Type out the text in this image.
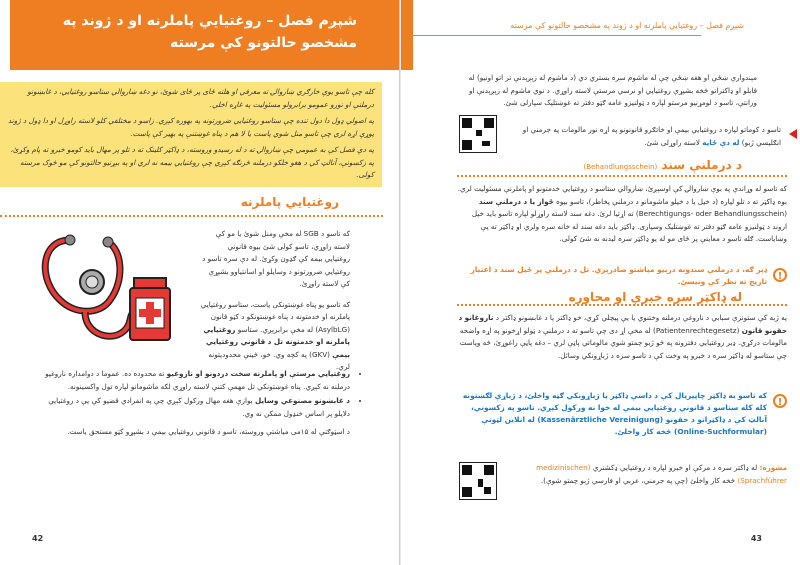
شپږم فصل – روغتیایي پاملرنه او د ژوند په مشخصو حالتونو کې مرسته

کله چې تاسو یوې خارګري ښاروالۍ ته معرفي او هلته ځای پر ځای شوئ، نو دغه ښاروالي ستاسو روغتیایي، د غابښونو درملنې او نورو عمومو برابرولو مسئولیت په غاړه اخلي.

په اصولي ډول دا دول تنده چې ستاسو روغتیایي ضرورتونه په بهوره کېږي. زاسو د مختلفي کلو لاسته راوړل او دا ډول د ژوند پوړې اړه لري چې تاسو منل شوي پاست يا لا هم د پناه غوښتنې په بهير کې پاست.

په دې فصل کې به عمومي چې ښاروالۍ ته د له رسيدو وروسته، د ډاکټر کلينک ته د تلو پر مهال بايد کومو خبرو ته پام وکړئ، په زکسونې، آنالټ کي د هغو خلکو درملنه څرنګه کېږي چې روغتیایي بیمه نه لري او په بېړنيو حالتونو کې مو څوک مرسته کولی.

روغتیایي پاملرنه
که تاسو د SGB له مخې ومنل شوئ يا مو کې لاسته راوړي، تاسو کولی شئ بیوه قانوني روغتیایي بیمه کې ګډون وکړئ. له دې سره تاسو د روغتیایي ضرورتونو د وسایلو او اسانتیاوو بشپړې کې لاسته راوړئ.
که تاسو یو پناه غوښتونکی یاست، ستاسو روغتیایي پاملرنه او خدمتونه د پناه غوښتونکو د کټو قانون (AsylbLG) له مخې برابرېږي. ستاسو روغتیایي پاملرنه او خدمتونه تل د قانوني روغتیایي بیمې (GKV) په کچه وي. خو، څینې محدودیتونه لري.
• روغتیایي مرستې او پاملرنه سخت دردونو او ناروغیو ته محدوده ده. عموما د دوامداره ناروغیو درملنه نه کېږي. پناه غوښتونکي تل مهمې کتنې لاسته راوړي لکه ماشومانو لپاره تول واکسینونه.
• د غابښونو مصنوعي وسایل بوازې هغه مهال ورکول کېږي چې په انفرادي قضیو کې یې د روغتیایي دلایلو پر اساس خنډول ممکن نه وي.
د اسټوګنې له ۱۵می میاشتې وروسته، تاسو د قانوني روغتیایي بیمې د بشپړو کټو مستحق یاست.
42
شپږم فصل – روغتیایي پاملرنه او د ژوند په مشخصو حالتونو کې مرسته
مېندوارې ښځې او هغه ښځې چې له ماشوم سره بستري دي (د ماشوم له زېږېدنې تر اتو اونیو) له قابلو او ډاکترانو څخه بشپړې روغتیایي او نرسي مرستې لاسته راوړي. د نوي ماشوم له زېږېدنې او ورانتې، تاسو د لومړنیو مرستو لپاره د ټولنیزو عامه ګټو دفتر ته غوښتلیک سپارلی شئ.
تاسو د کوماتو لپاره د روغتیایي بیمې او خاتګرو قانونونو په اړه نور مالومات په جرمني او انګلیسي ژبو) له دې ځایه لاسته راوړلی شئ.
د درملنې سند (Behandlungsschein)
که تاسو له وړاندې په بوې ښاروالۍ کې اوسېږئ، ښاروالي ستاسو د روغتیایي خدمتونو او پاملرنې مسئولیت لري. بوه ډاکټر ته د تلو لپاره (د خیل یا د خپلو ماشومانو د درملنې پخاطر)، تاسو بیوه ځواز یا د درملنې سند (Berechtigungs- oder Behandlungsschein) ته اړتیا لرئ. دغه سند لاسته راوړلو لپاره تاسو باید خیل اروند د ټولنیزو عامه ګټو دفتر ته غوښتلیک وسپاری. ډاکټر باید دغه سند له خانه سره ولري او ډاکټر ته یې وښایاست. ګله تاسو د معاینې پر ځای مو له یو ډاکټر سره لیدنه نه شئ کولی.
!
ډېر ګه، د درملنې سندونه درېیو میاشتو صادرېږي. تل د درملنې پر ځیل سند د اعتبار تاریخ ته نظر کې ونیسئ.
له ډاکټر سره خبرې او محاوره
په ژبه کې ستونزې سبابي د ناروغي درملنه وختنوي یا یې پیچلي کړي، خو ډاکتر یا د غابښونو ډاکتر د ناروغانو د حقونو قانون (Patientenrechtegesetz) له مخې اړ دی چې تاسو ته د درملنې د ټولو اړخونو په اړه واضحه مالومات درکړي. ډیر روغتیایي دفترونه په څو ژبو چمتو شوي مالوماتي پاڼې لري – دغه پاڼې راغوړئ، څه وياست چې ستاسو له ډاکټر سره د خبرو په وخت کې د تاسو سره د ژباړونکي وسائل.
!
که تاسو به ډاکټر چاپیریال کې د داسې ډاکټر یا ژباړونکي ګټه واخلئ، د ژباړې لګښتونه کله کله ستاسو د قانوني روغتیایي بیمې له خوا نه ورکول کېږي. تاسو په زکسوني، آنالټ کې د ډاکټرانو د حقونو (Kassenärztliche Vereinigung) له انلاین لټونې (Online-Suchformular) څخه کار واخلئ.
مشوره: له ډاکتر سره د مرکې او خبرو لپاره د روغتیایي ډکشنري (medizinischen Sprachführer) څخه کار واخلئ (چې په جرمني، عربي او فارسي ژبو چمتو شوې).
43
